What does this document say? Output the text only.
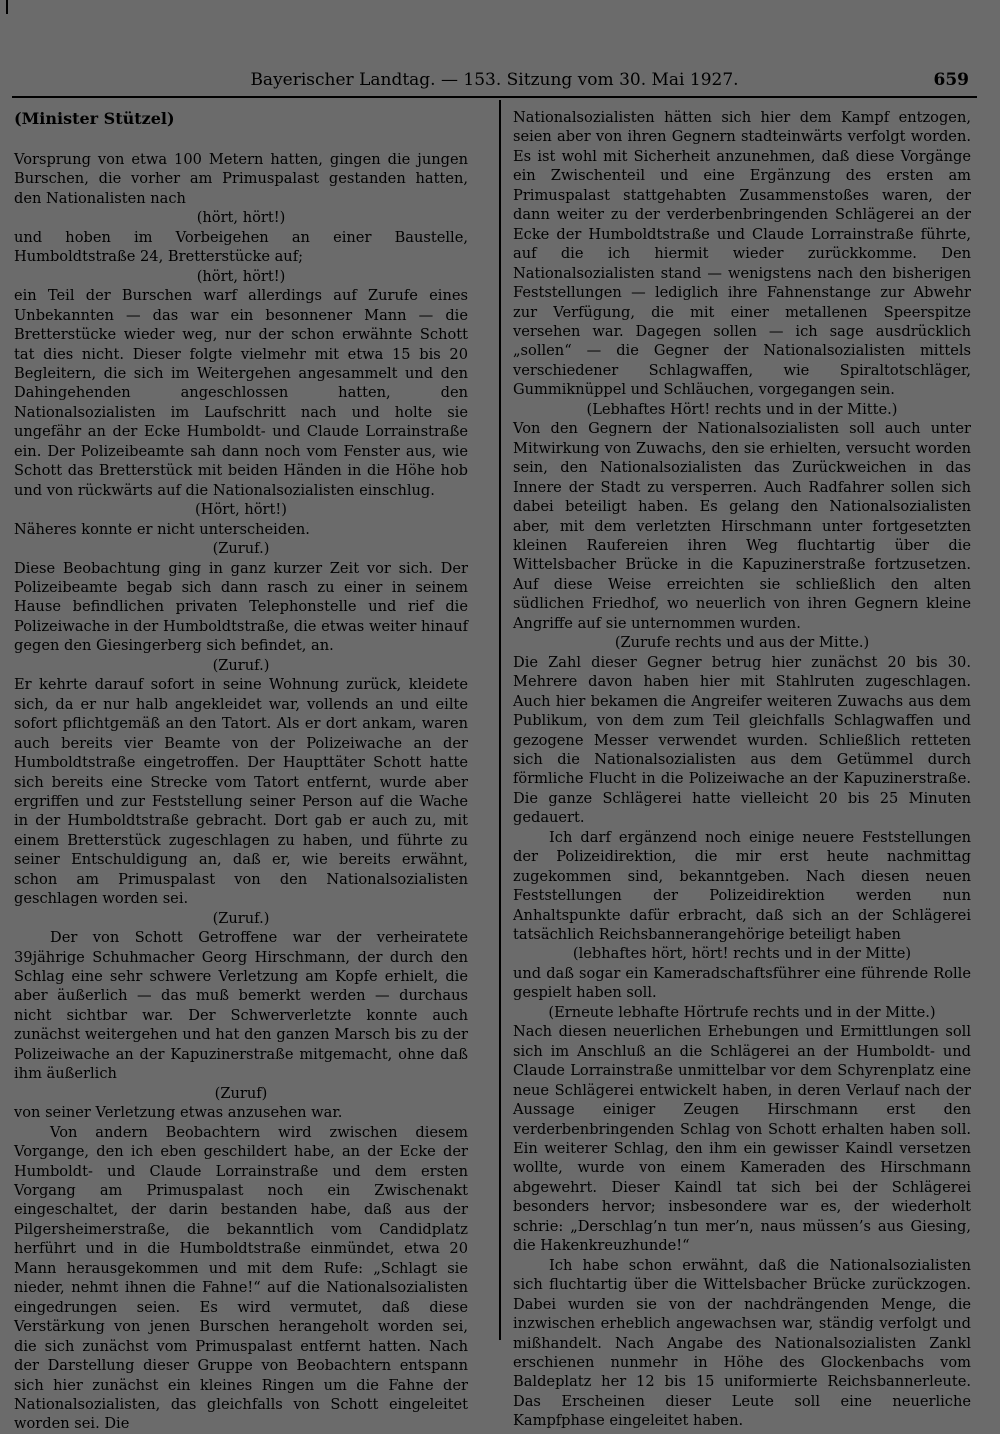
Bayerischer Landtag. — 153. Sitzung vom 30. Mai 1927.	659

(Minister Stützel)

Vorsprung von etwa 100 Metern hatten, gingen die jungen Burschen, die vorher am Primuspalast gestanden hatten, den Nationalisten nach

(hört, hört!)

und hoben im Vorbeigehen an einer Baustelle, Humboldtstraße 24, Bretterstücke auf;

(hört, hört!)

ein Teil der Burschen warf allerdings auf Zurufe eines Unbekannten — das war ein besonnener Mann — die Bretterstücke wieder weg, nur der schon erwähnte Schott tat dies nicht. Dieser folgte vielmehr mit etwa 15 bis 20 Begleitern, die sich im Weitergehen angesammelt und den Dahingehenden angeschlossen hatten, den Nationalsozialisten im Laufschritt nach und holte sie ungefähr an der Ecke Humboldt- und Claude Lorrainstraße ein. Der Polizeibeamte sah dann noch vom Fenster aus, wie Schott das Bretterstück mit beiden Händen in die Höhe hob und von rückwärts auf die Nationalsozialisten einschlug.

(Hört, hört!)

Näheres konnte er nicht unterscheiden.

(Zuruf.)

Diese Beobachtung ging in ganz kurzer Zeit vor sich. Der Polizeibeamte begab sich dann rasch zu einer in seinem Hause befindlichen privaten Telephonstelle und rief die Polizeiwache in der Humboldtstraße, die etwas weiter hinauf gegen den Giesingerberg sich befindet, an.

(Zuruf.)

Er kehrte darauf sofort in seine Wohnung zurück, kleidete sich, da er nur halb angekleidet war, vollends an und eilte sofort pflichtgemäß an den Tatort. Als er dort ankam, waren auch bereits vier Beamte von der Polizeiwache an der Humboldtstraße eingetroffen. Der Haupttäter Schott hatte sich bereits eine Strecke vom Tatort entfernt, wurde aber ergriffen und zur Feststellung seiner Person auf die Wache in der Humboldtstraße gebracht. Dort gab er auch zu, mit einem Bretterstück zugeschlagen zu haben, und führte zu seiner Entschuldigung an, daß er, wie bereits erwähnt, schon am Primuspalast von den Nationalsozialisten geschlagen worden sei.

(Zuruf.)

Der von Schott Getroffene war der verheiratete 39jährige Schuhmacher Georg Hirschmann, der durch den Schlag eine sehr schwere Verletzung am Kopfe erhielt, die aber äußerlich — das muß bemerkt werden — durchaus nicht sichtbar war. Der Schwerverletzte konnte auch zunächst weitergehen und hat den ganzen Marsch bis zu der Polizeiwache an der Kapuzinerstraße mitgemacht, ohne daß ihm äußerlich

(Zuruf)

von seiner Verletzung etwas anzusehen war.

Von andern Beobachtern wird zwischen diesem Vorgange, den ich eben geschildert habe, an der Ecke der Humboldt- und Claude Lorrainstraße und dem ersten Vorgang am Primuspalast noch ein Zwischenakt eingeschaltet, der darin bestanden habe, daß aus der Pilgersheimerstraße, die bekanntlich vom Candidplatz herführt und in die Humboldtstraße einmündet, etwa 20 Mann herausgekommen und mit dem Rufe: „Schlagt sie nieder, nehmt ihnen die Fahne!“ auf die Nationalsozialisten eingedrungen seien. Es wird vermutet, daß diese Verstärkung von jenen Burschen herangeholt worden sei, die sich zunächst vom Primuspalast entfernt hatten. Nach der Darstellung dieser Gruppe von Beobachtern entspann sich hier zunächst ein kleines Ringen um die Fahne der Nationalsozialisten, das gleichfalls von Schott eingeleitet worden sei. Die

Nationalsozialisten hätten sich hier dem Kampf entzogen, seien aber von ihren Gegnern stadteinwärts verfolgt worden. Es ist wohl mit Sicherheit anzunehmen, daß diese Vorgänge ein Zwischenteil und eine Ergänzung des ersten am Primuspalast stattgehabten Zusammenstoßes waren, der dann weiter zu der verderbenbringenden Schlägerei an der Ecke der Humboldtstraße und Claude Lorrainstraße führte, auf die ich hiermit wieder zurückkomme. Den Nationalsozialisten stand — wenigstens nach den bisherigen Feststellungen — lediglich ihre Fahnenstange zur Abwehr zur Verfügung, die mit einer metallenen Speerspitze versehen war. Dagegen sollen — ich sage ausdrücklich „sollen“ — die Gegner der Nationalsozialisten mittels verschiedener Schlagwaffen, wie Spiraltotschläger, Gummiknüppel und Schläuchen, vorgegangen sein.

(Lebhaftes Hört! rechts und in der Mitte.)

Von den Gegnern der Nationalsozialisten soll auch unter Mitwirkung von Zuwachs, den sie erhielten, versucht worden sein, den Nationalsozialisten das Zurückweichen in das Innere der Stadt zu versperren. Auch Radfahrer sollen sich dabei beteiligt haben. Es gelang den Nationalsozialisten aber, mit dem verletzten Hirschmann unter fortgesetzten kleinen Raufereien ihren Weg fluchtartig über die Wittelsbacher Brücke in die Kapuzinerstraße fortzusetzen. Auf diese Weise erreichten sie schließlich den alten südlichen Friedhof, wo neuerlich von ihren Gegnern kleine Angriffe auf sie unternommen wurden.

(Zurufe rechts und aus der Mitte.)

Die Zahl dieser Gegner betrug hier zunächst 20 bis 30. Mehrere davon haben hier mit Stahlruten zugeschlagen. Auch hier bekamen die Angreifer weiteren Zuwachs aus dem Publikum, von dem zum Teil gleichfalls Schlagwaffen und gezogene Messer verwendet wurden. Schließlich retteten sich die Nationalsozialisten aus dem Getümmel durch förmliche Flucht in die Polizeiwache an der Kapuzinerstraße. Die ganze Schlägerei hatte vielleicht 20 bis 25 Minuten gedauert.

Ich darf ergänzend noch einige neuere Feststellungen der Polizeidirektion, die mir erst heute nachmittag zugekommen sind, bekanntgeben. Nach diesen neuen Feststellungen der Polizeidirektion werden nun Anhaltspunkte dafür erbracht, daß sich an der Schlägerei tatsächlich Reichsbannerangehörige beteiligt haben

(lebhaftes hört, hört! rechts und in der Mitte)

und daß sogar ein Kameradschaftsführer eine führende Rolle gespielt haben soll.

(Erneute lebhafte Hörtrufe rechts und in der Mitte.)

Nach diesen neuerlichen Erhebungen und Ermittlungen soll sich im Anschluß an die Schlägerei an der Humboldt- und Claude Lorrainstraße unmittelbar vor dem Schyrenplatz eine neue Schlägerei entwickelt haben, in deren Verlauf nach der Aussage einiger Zeugen Hirschmann erst den verderbenbringenden Schlag von Schott erhalten haben soll. Ein weiterer Schlag, den ihm ein gewisser Kaindl versetzen wollte, wurde von einem Kameraden des Hirschmann abgewehrt. Dieser Kaindl tat sich bei der Schlägerei besonders hervor; insbesondere war es, der wiederholt schrie: „Derschlag’n tun mer’n, naus müssen’s aus Giesing, die Hakenkreuzhunde!“

Ich habe schon erwähnt, daß die Nationalsozialisten sich fluchtartig über die Wittelsbacher Brücke zurückzogen. Dabei wurden sie von der nachdrängenden Menge, die inzwischen erheblich angewachsen war, ständig verfolgt und mißhandelt. Nach Angabe des Nationalsozialisten Zankl erschienen nunmehr in Höhe des Glockenbachs vom Baldeplatz her 12 bis 15 uniformierte Reichsbannerleute. Das Erscheinen dieser Leute soll eine neuerliche Kampfphase eingeleitet haben.
